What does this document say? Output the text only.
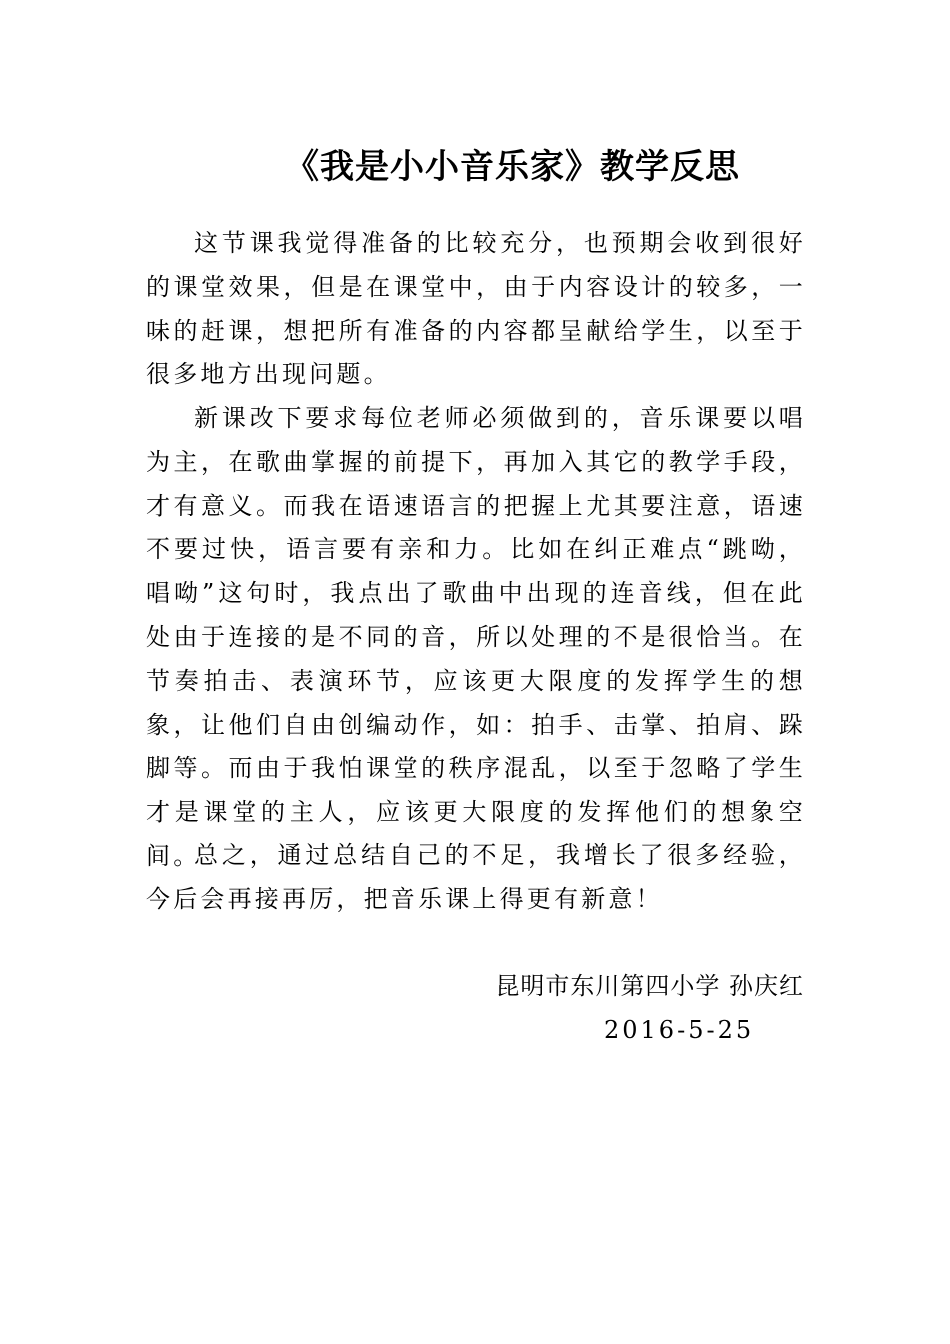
《我是小小音乐家》教学反思

这节课我觉得准备的比较充分，也预期会收到很好的课堂效果，但是在课堂中，由于内容设计的较多，一味的赶课，想把所有准备的内容都呈献给学生，以至于很多地方出现问题。

新课改下要求每位老师必须做到的，音乐课要以唱为主，在歌曲掌握的前提下，再加入其它的教学手段，才有意义。而我在语速语言的把握上尤其要注意，语速不要过快，语言要有亲和力。比如在纠正难点“跳呦，唱呦”这句时，我点出了歌曲中出现的连音线，但在此处由于连接的是不同的音，所以处理的不是很恰当。在节奏拍击、表演环节，应该更大限度的发挥学生的想象，让他们自由创编动作，如：拍手、击掌、拍肩、跺脚等。而由于我怕课堂的秩序混乱，以至于忽略了学生才是课堂的主人，应该更大限度的发挥他们的想象空间。

总之，通过总结自己的不足，我增长了很多经验，今后会再接再厉，把音乐课上得更有新意！

昆明市东川第四小学 孙庆红
2016-5-25
